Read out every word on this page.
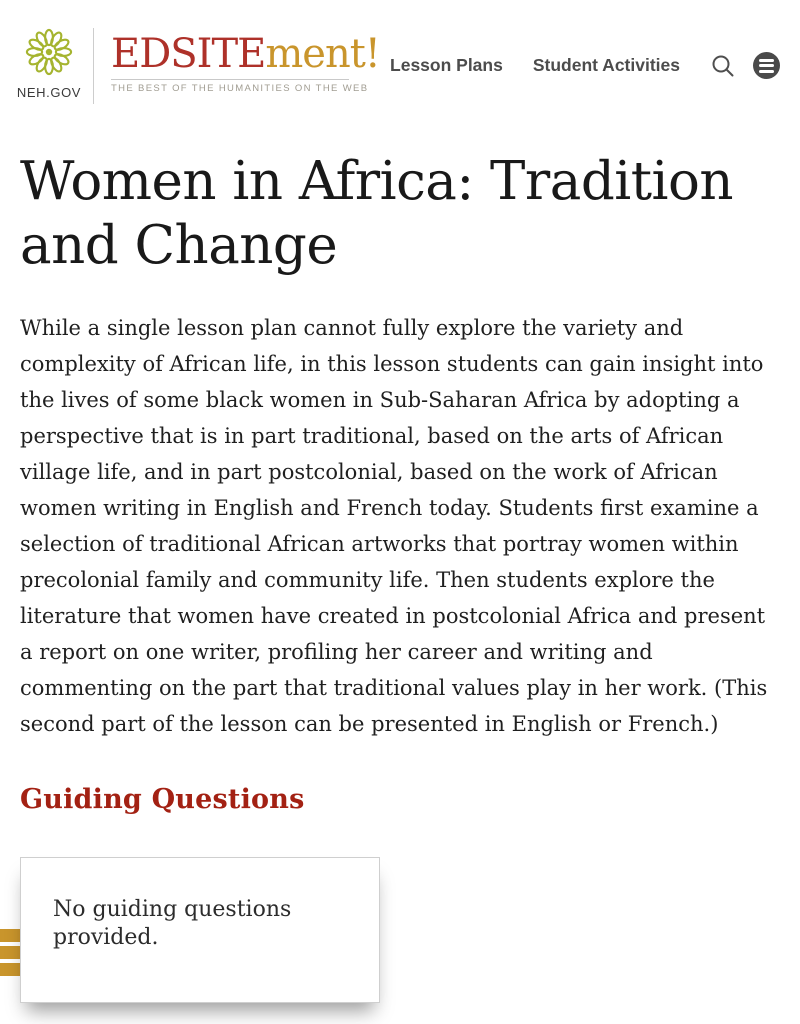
NEH.GOV
EDSITEment!
THE BEST OF THE HUMANITIES ON THE WEB
Lesson Plans Student Activities
Women in Africa: Tradition
and Change

While a single lesson plan cannot fully explore the variety and complexity of African life, in this lesson students can gain insight into the lives of some black women in Sub-Saharan Africa by adopting a perspective that is in part traditional, based on the arts of African village life, and in part postcolonial, based on the work of African women writing in English and French today. Students first examine a selection of traditional African artworks that portray women within precolonial family and community life. Then students explore the literature that women have created in postcolonial Africa and present a report on one writer, profiling her career and writing and commenting on the part that traditional values play in her work. (This second part of the lesson can be presented in English or French.)

Guiding Questions

No guiding questions provided.
